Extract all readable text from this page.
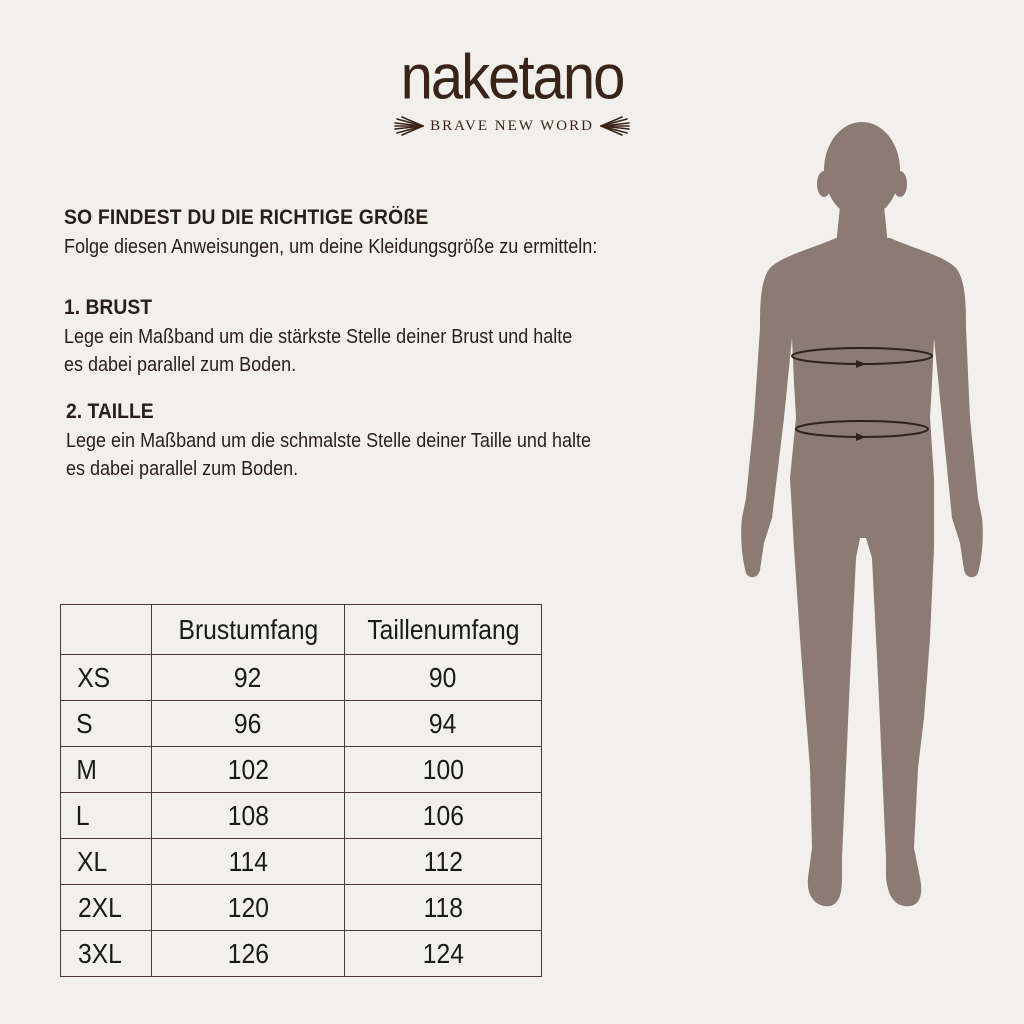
naketano
BRAVE NEW WORD
SO FINDEST DU DIE RICHTIGE GRÖßE
Folge diesen Anweisungen, um deine Kleidungsgröße zu ermitteln:
1. BRUST
Lege ein Maßband um die stärkste Stelle deiner Brust und halte
es dabei parallel zum Boden.
2. TAILLE
Lege ein Maßband um die schmalste Stelle deiner Taille und halte
es dabei parallel zum Boden.
	Brustumfang	Taillenumfang
XS	92	90
S	96	94
M	102	100
L	108	106
XL	114	112
2XL	120	118
3XL	126	124
